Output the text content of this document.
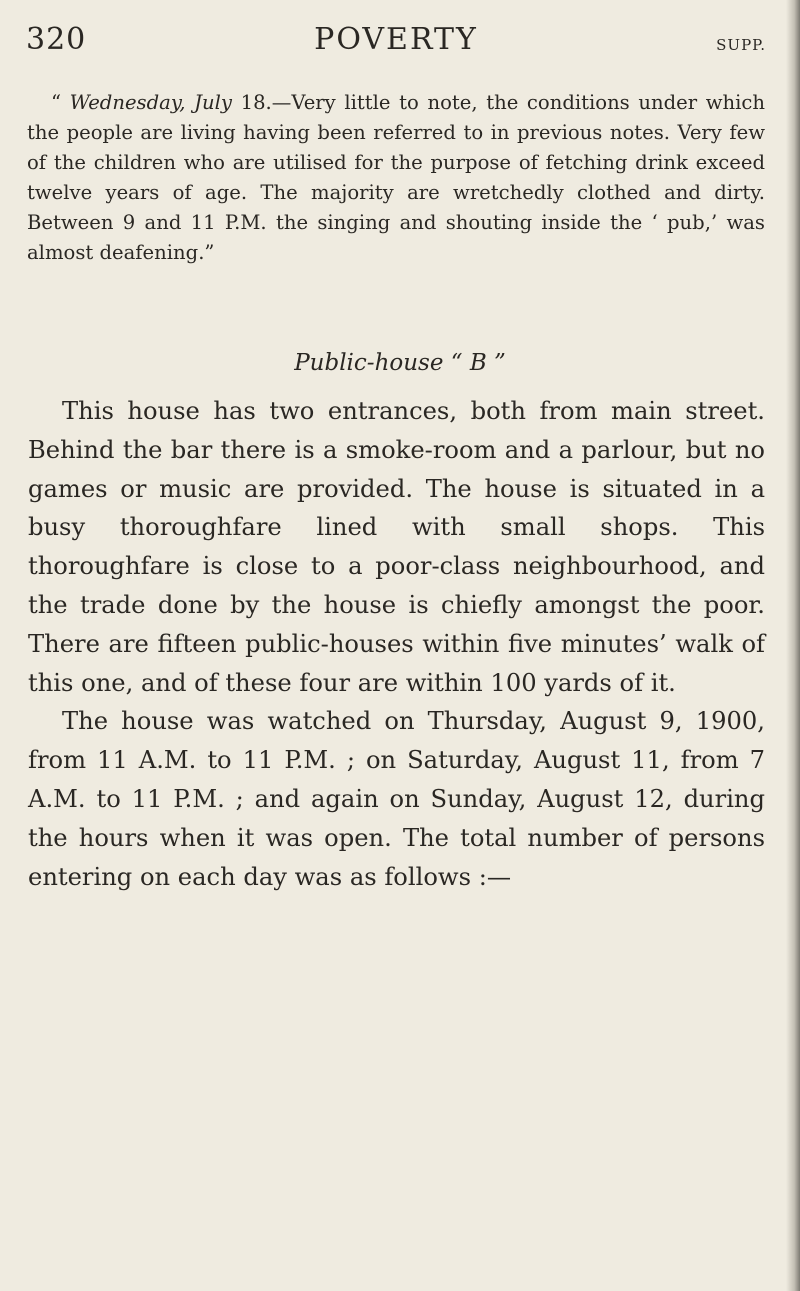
320	POVERTY	SUPP.

“ Wednesday, July 18.—Very little to note, the conditions under which the people are living having been referred to in previous notes. Very few of the children who are utilised for the purpose of fetching drink exceed twelve years of age. The majority are wretchedly clothed and dirty. Between 9 and 11 P.M. the singing and shouting inside the ‘ pub,’ was almost deafening.”

Public-house “ B ”

This house has two entrances, both from main street. Behind the bar there is a smoke-room and a parlour, but no games or music are provided. The house is situated in a busy thoroughfare lined with small shops. This thoroughfare is close to a poor-class neighbourhood, and the trade done by the house is chiefly amongst the poor. There are fifteen public-houses within five minutes’ walk of this one, and of these four are within 100 yards of it.

The house was watched on Thursday, August 9, 1900, from 11 A.M. to 11 P.M. ; on Saturday, August 11, from 7 A.M. to 11 P.M. ; and again on Sunday, August 12, during the hours when it was open. The total number of persons entering on each day was as follows :—
